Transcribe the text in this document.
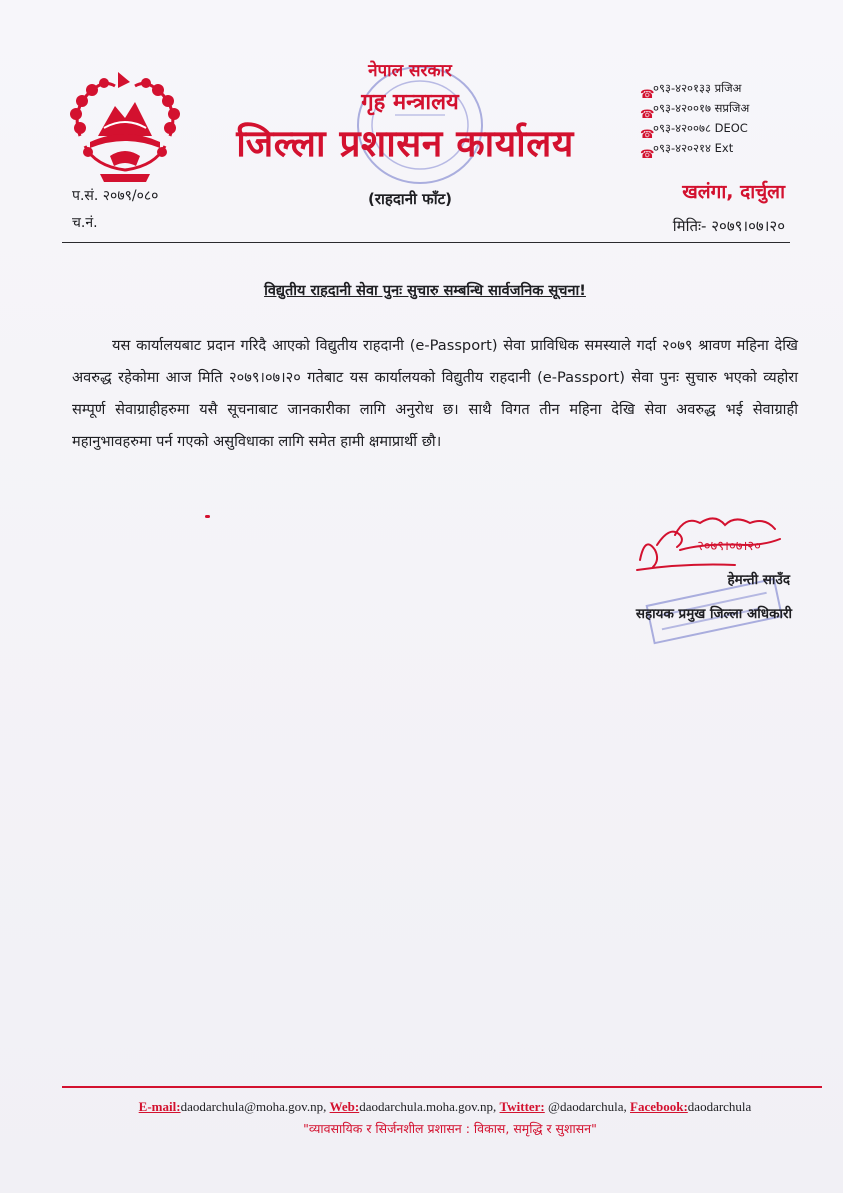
नेपाल सरकार
गृह मन्त्रालय
जिल्ला प्रशासन कार्यालय
(राहदानी फाँट)
☎
०९३-४२०१३३ प्रजिअ
☎
०९३-४२००१७ सप्रजिअ
☎
०९३-४२००७८ DEOC
☎
०९३-४२०२१४ Ext
प.सं. २०७९/०८०
च.नं.
खलंगा, दार्चुला
मितिः- २०७९।०७।२०
विद्युतीय राहदानी सेवा पुनः सुचारु सम्बन्धि सार्वजनिक सूचना!
यस कार्यालयबाट प्रदान गरिदै आएको विद्युतीय राहदानी (e-Passport) सेवा प्राविधिक समस्याले गर्दा २०७९ श्रावण महिना देखि अवरुद्ध रहेकोमा आज मिति २०७९।०७।२० गतेबाट यस कार्यालयको विद्युतीय राहदानी (e-Passport) सेवा पुनः सुचारु भएको व्यहोरा सम्पूर्ण सेवाग्राहीहरुमा यसै सूचनाबाट जानकारीका लागि अनुरोध छ। साथै विगत तीन महिना देखि सेवा अवरुद्ध भई सेवाग्राही महानुभावहरुमा पर्न गएको असुविधाका लागि समेत हामी क्षमाप्रार्थी छौ।
२०७९।०७।२०
हेमन्ती साउँद
सहायक प्रमुख जिल्ला अधिकारी
E-mail:daodarchula@moha.gov.np, Web:daodarchula.moha.gov.np, Twitter: @daodarchula, Facebook:daodarchula
"व्यावसायिक र सिर्जनशील प्रशासन : विकास, समृद्धि र सुशासन"
